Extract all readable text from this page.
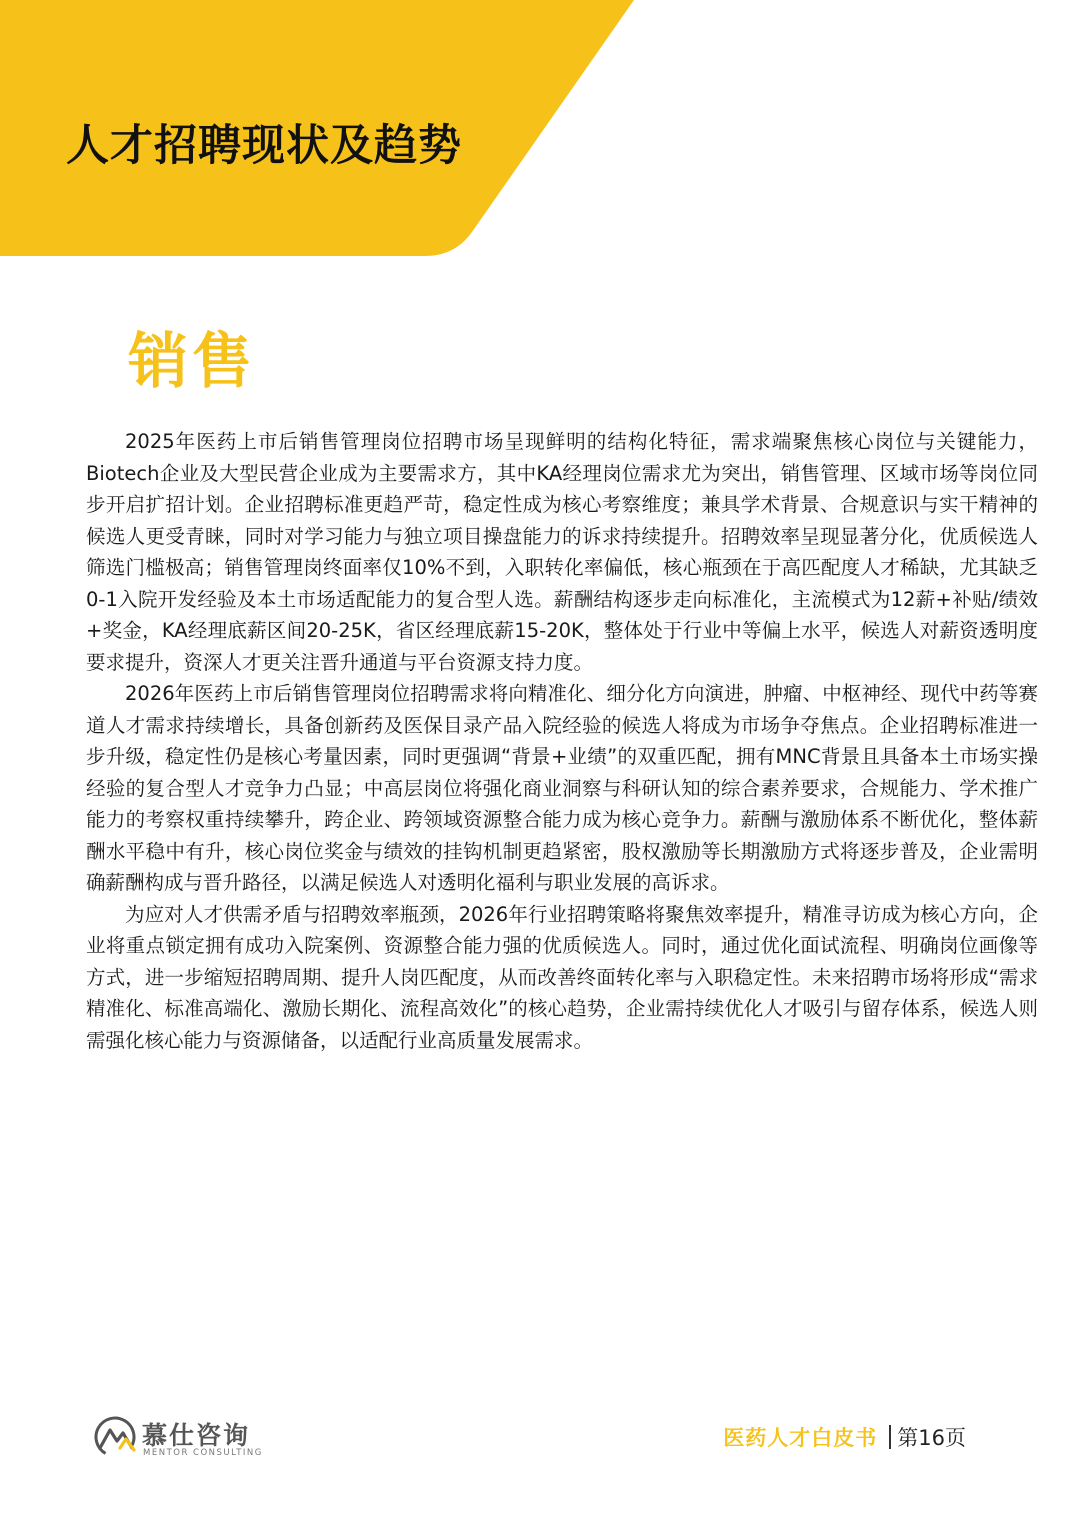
人才招聘现状及趋势
销售

2025年医药上市后销售管理岗位招聘市场呈现鲜明的结构化特征，需求端聚焦核心岗位与关键能力，Biotech企业及大型民营企业成为主要需求方，其中KA经理岗位需求尤为突出，销售管理、区域市场等岗位同步开启扩招计划。企业招聘标准更趋严苛，稳定性成为核心考察维度；兼具学术背景、合规意识与实干精神的候选人更受青睐，同时对学习能力与独立项目操盘能力的诉求持续提升。招聘效率呈现显著分化，优质候选人筛选门槛极高；销售管理岗终面率仅10%不到，入职转化率偏低，核心瓶颈在于高匹配度人才稀缺，尤其缺乏0-1入院开发经验及本土市场适配能力的复合型人选。薪酬结构逐步走向标准化，主流模式为12薪+补贴/绩效+奖金，KA经理底薪区间20-25K，省区经理底薪15-20K，整体处于行业中等偏上水平，候选人对薪资透明度要求提升，资深人才更关注晋升通道与平台资源支持力度。

2026年医药上市后销售管理岗位招聘需求将向精准化、细分化方向演进，肿瘤、中枢神经、现代中药等赛道人才需求持续增长，具备创新药及医保目录产品入院经验的候选人将成为市场争夺焦点。企业招聘标准进一步升级，稳定性仍是核心考量因素，同时更强调“背景+业绩”的双重匹配，拥有MNC背景且具备本土市场实操经验的复合型人才竞争力凸显；中高层岗位将强化商业洞察与科研认知的综合素养要求，合规能力、学术推广能力的考察权重持续攀升，跨企业、跨领域资源整合能力成为核心竞争力。薪酬与激励体系不断优化，整体薪酬水平稳中有升，核心岗位奖金与绩效的挂钩机制更趋紧密，股权激励等长期激励方式将逐步普及，企业需明确薪酬构成与晋升路径，以满足候选人对透明化福利与职业发展的高诉求。

为应对人才供需矛盾与招聘效率瓶颈，2026年行业招聘策略将聚焦效率提升，精准寻访成为核心方向，企业将重点锁定拥有成功入院案例、资源整合能力强的优质候选人。同时，通过优化面试流程、明确岗位画像等方式，进一步缩短招聘周期、提升人岗匹配度，从而改善终面转化率与入职稳定性。未来招聘市场将形成“需求精准化、标准高端化、激励长期化、流程高效化”的核心趋势，企业需持续优化人才吸引与留存体系，候选人则需强化核心能力与资源储备，以适配行业高质量发展需求。

慕仕咨询
MENTOR CONSULTING
医药人才白皮书 第16页
